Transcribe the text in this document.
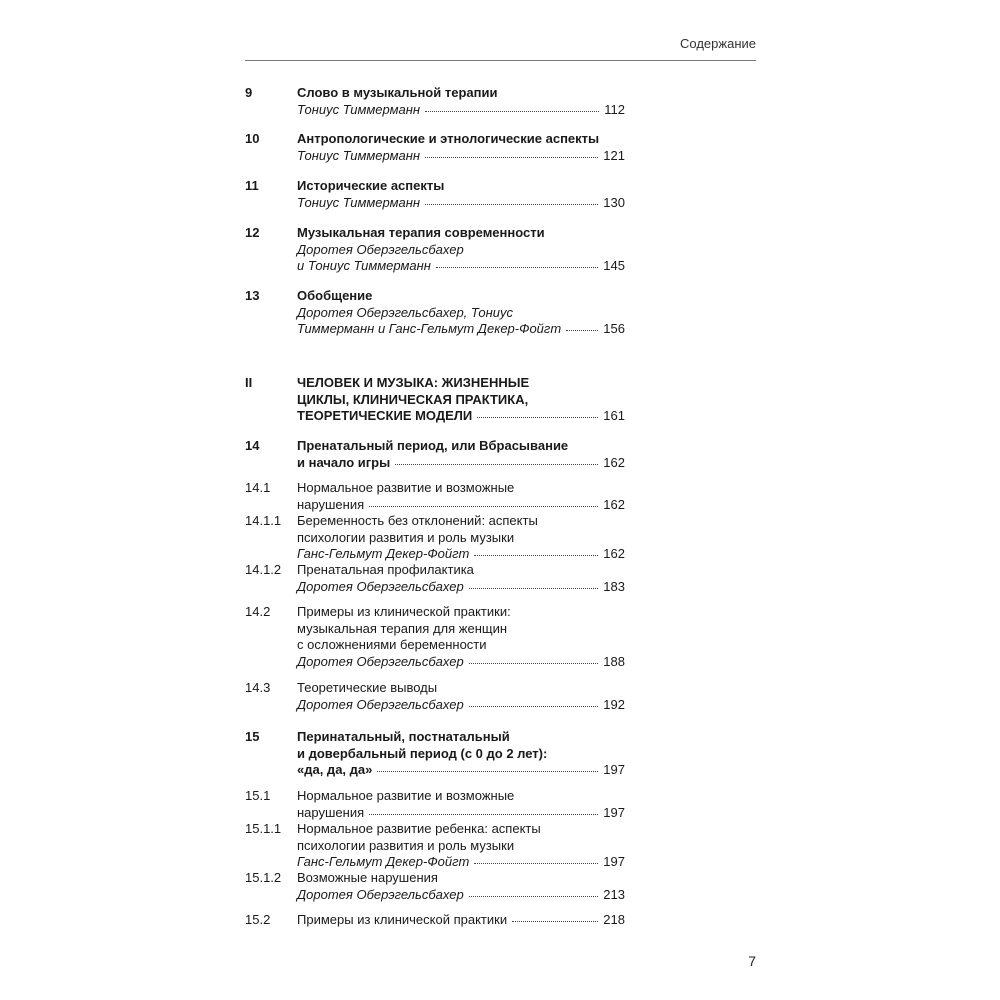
Содержание
9	Слово в музыкальной терапии
Тониус Тиммерманн	112
10	Антропологические и этнологические аспекты
Тониус Тиммерманн	121
11	Исторические аспекты
Тониус Тиммерманн	130
12	Музыкальная терапия современности
Доротея Оберэгельсбахер
и Тониус Тиммерманн	145
13	Обобщение
Доротея Оберэгельсбахер, Тониус
Тиммерманн и Ганс-Гельмут Декер-Фойгт	156
II	ЧЕЛОВЕК И МУЗЫКА: ЖИЗНЕННЫЕ
ЦИКЛЫ, КЛИНИЧЕСКАЯ ПРАКТИКА,
ТЕОРЕТИЧЕСКИЕ МОДЕЛИ	161
14	Пренатальный период, или Вбрасывание
и начало игры	162
14.1	Нормальное развитие и возможные
нарушения	162
14.1.1	Беременность без отклонений: аспекты
психологии развития и роль музыки
Ганс-Гельмут Декер-Фойгт	162
14.1.2	Пренатальная профилактика
Доротея Оберэгельсбахер	183
14.2	Примеры из клинической практики:
музыкальная терапия для женщин
с осложнениями беременности
Доротея Оберэгельсбахер	188
14.3	Теоретические выводы
Доротея Оберэгельсбахер	192
15	Перинатальный, постнатальный
и довербальный период (с 0 до 2 лет):
«да, да, да»	197
15.1	Нормальное развитие и возможные
нарушения	197
15.1.1	Нормальное развитие ребенка: аспекты
психологии развития и роль музыки
Ганс-Гельмут Декер-Фойгт	197
15.1.2	Возможные нарушения
Доротея Оберэгельсбахер	213
15.2	Примеры из клинической практики	218
7
